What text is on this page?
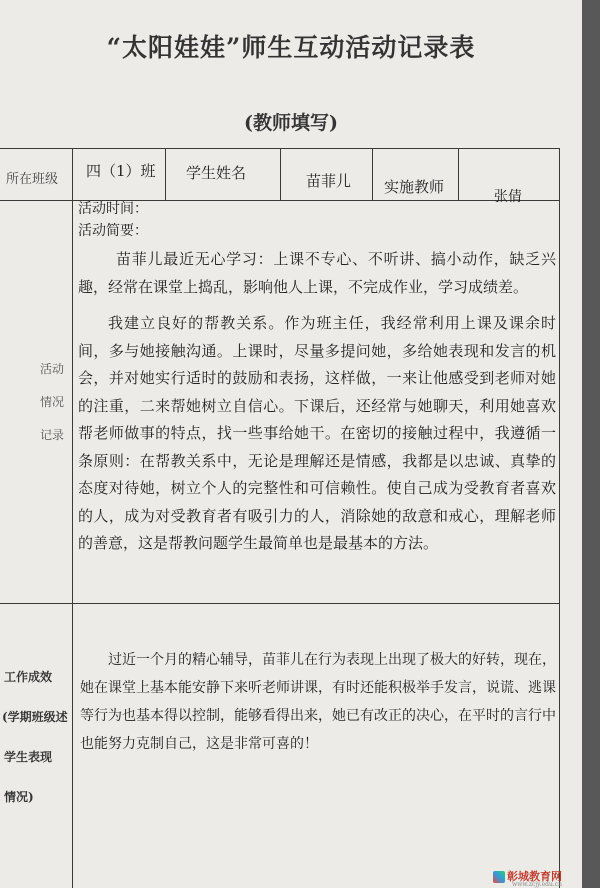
“太阳娃娃”师生互动活动记录表
(教师填写)
所在班级 四（1）班 学生姓名	苗菲儿 实施教师
张倩
活动
情况
记录
活动时间：
活动简要：
苗菲儿最近无心学习：上课不专心、不听讲、搞小动作，缺乏兴趣，经常在课堂上捣乱，影响他人上课，不完成作业，学习成绩差。
我建立良好的帮教关系。作为班主任，我经常利用上课及课余时间，多与她接触沟通。上课时，尽量多提问她，多给她表现和发言的机会，并对她实行适时的鼓励和表扬，这样做，一来让他感受到老师对她的注重，二来帮她树立自信心。下课后，还经常与她聊天，利用她喜欢帮老师做事的特点，找一些事给她干。在密切的接触过程中，我遵循一条原则：在帮教关系中，无论是理解还是情感，我都是以忠诚、真挚的态度对待她，树立个人的完整性和可信赖性。使自己成为受教育者喜欢的人，成为对受教育者有吸引力的人，消除她的敌意和戒心，理解老师的善意，这是帮教问题学生最简单也是最基本的方法。
工作成效
(学期班级述
学生表现
情况)
过近一个月的精心辅导，苗菲儿在行为表现上出现了极大的好转，现在，她在课堂上基本能安静下来听老师讲课，有时还能积极举手发言，说谎、逃课等行为也基本得以控制，能够看得出来，她已有改正的决心，在平时的言行中也能努力克制自己，这是非常可喜的！
彰城教育网
www.zcjy.edu.cn
